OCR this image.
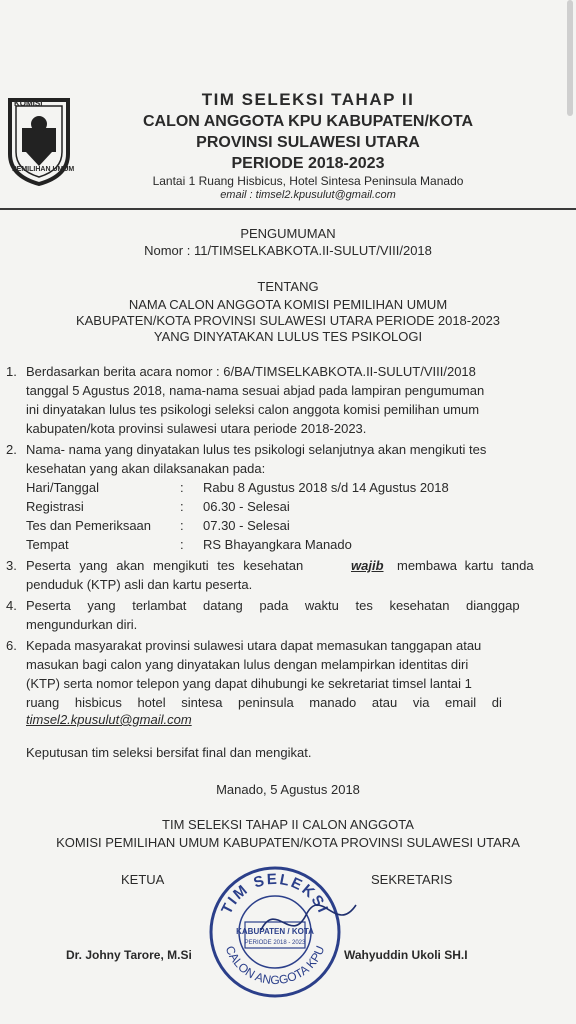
KOMISI
PEMILIHAN UMUM
TIM SELEKSI TAHAP II
CALON ANGGOTA KPU KABUPATEN/KOTA
PROVINSI SULAWESI UTARA
PERIODE 2018-2023
Lantai 1 Ruang Hisbicus, Hotel Sintesa Peninsula Manado
email : timsel2.kpusulut@gmail.com
PENGUMUMAN
Nomor : 11/TIMSELKABKOTA.II-SULUT/VIII/2018
TENTANG
NAMA CALON ANGGOTA KOMISI PEMILIHAN UMUM
KABUPATEN/KOTA PROVINSI SULAWESI UTARA PERIODE 2018-2023
YANG DINYATAKAN LULUS TES PSIKOLOGI
1. Berdasarkan berita acara nomor : 6/BA/TIMSELKABKOTA.II-SULUT/VIII/2018
tanggal 5 Agustus 2018, nama-nama sesuai abjad pada lampiran pengumuman
ini dinyatakan lulus tes psikologi seleksi calon anggota komisi pemilihan umum
kabupaten/kota provinsi sulawesi utara periode 2018-2023.
2. Nama- nama yang dinyatakan lulus tes psikologi selanjutnya akan mengikuti tes
kesehatan yang akan dilaksanakan pada:
Hari/Tanggal	: Rabu 8 Agustus 2018 s/d 14 Agustus 2018
Registrasi	: 06.30 - Selesai
Tes dan Pemeriksaan : 07.30 - Selesai
Tempat	: RS Bhayangkara Manado
3. Peserta yang akan mengikuti tes kesehatan	wajib membawa kartu tanda
penduduk (KTP) asli dan kartu peserta.
4. Peserta yang terlambat datang pada waktu tes kesehatan dianggap
mengundurkan diri.
6. Kepada masyarakat provinsi sulawesi utara dapat memasukan tanggapan atau
masukan bagi calon yang dinyatakan lulus dengan melampirkan identitas diri
(KTP) serta nomor telepon yang dapat dihubungi ke sekretariat timsel lantai 1
ruang hisbicus hotel sintesa peninsula manado atau via email di
timsel2.kpusulut@gmail.com
Keputusan tim seleksi bersifat final dan mengikat.
Manado, 5 Agustus 2018
TIM SELEKSI TAHAP II CALON ANGGOTA
KOMISI PEMILIHAN UMUM KABUPATEN/KOTA PROVINSI SULAWESI UTARA
KETUA	SEKRETARIS
TIM SELEKSI
CALON ANGGOTA KPU
KABUPATEN / KOTA
PERIODE 2018 - 2023
Dr. Johny Tarore, M.Si	Wahyuddin Ukoli SH.I
